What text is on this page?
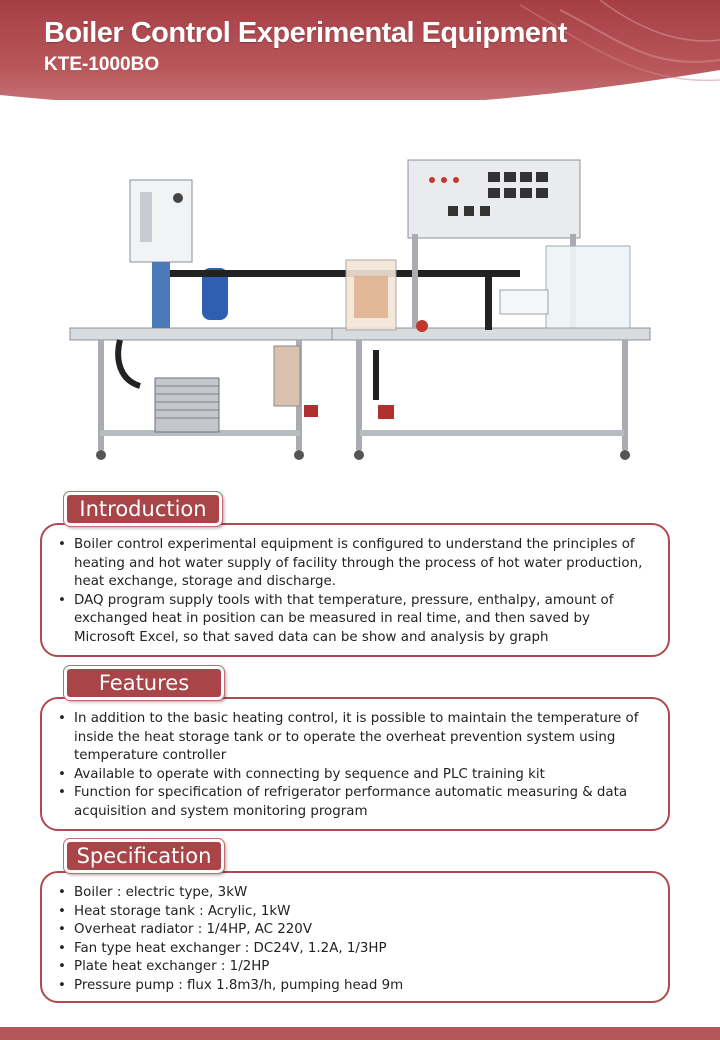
Boiler Control Experimental Equipment
KTE-1000BO
Introduction
• Boiler control experimental equipment is configured to understand the principles of heating and hot water supply of facility through the process of hot water production, heat exchange, storage and discharge.
• DAQ program supply tools with that temperature, pressure, enthalpy, amount of exchanged heat in position can be measured in real time, and then saved by Microsoft Excel, so that saved data can be show and analysis by graph
Features
• In addition to the basic heating control, it is possible to maintain the temperature of inside the heat storage tank or to operate the overheat prevention system using temperature controller
• Available to operate with connecting by sequence and PLC training kit
• Function for specification of refrigerator performance automatic measuring & data acquisition and system monitoring program
Specification
• Boiler : electric type, 3kW
• Heat storage tank : Acrylic, 1kW
• Overheat radiator : 1/4HP, AC 220V
• Fan type heat exchanger : DC24V, 1.2A, 1/3HP
• Plate heat exchanger : 1/2HP
• Pressure pump : flux 1.8m3/h, pumping head 9m
